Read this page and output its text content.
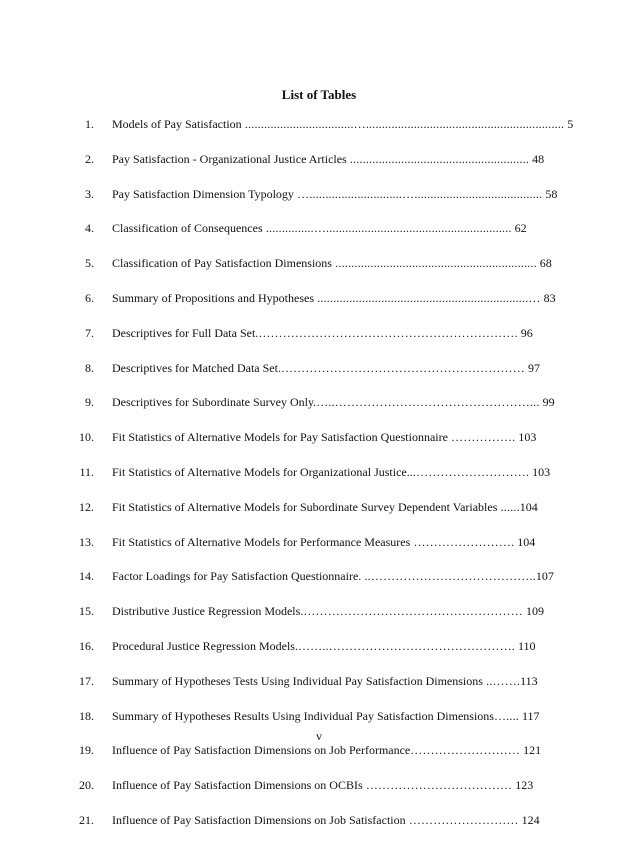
List of Tables
1. Models of Pay Satisfaction ..................................….............................................................. 5
2. Pay Satisfaction - Organizational Justice Articles ........................................................ 48
3. Pay Satisfaction Dimension Typology ….............................…........................................ 58
4. Classification of Consequences ...............….......................................................... 62
5. Classification of Pay Satisfaction Dimensions ............................................................... 68
6. Summary of Propositions and Hypotheses ..................................................................… 83
7. Descriptives for Full Data Set.………………………………………………………. 96
8. Descriptives for Matched Data Set.…………………………………………………… 97
9. Descriptives for Subordinate Survey Only.…..…………………………………………... 99
10. Fit Statistics of Alternative Models for Pay Satisfaction Questionnaire ……………. 103
11. Fit Statistics of Alternative Models for Organizational Justice...………………………. 103
12. Fit Statistics of Alternative Models for Subordinate Survey Dependent Variables ......104
13. Fit Statistics of Alternative Models for Performance Measures ……………………. 104
14. Factor Loadings for Pay Satisfaction Questionnaire. ..…………………………………..107
15. Distributive Justice Regression Models.……………………………………………… 109
16. Procedural Justice Regression Models.……..………………………………………. 110
17. Summary of Hypotheses Tests Using Individual Pay Satisfaction Dimensions ..…….113
18. Summary of Hypotheses Results Using Individual Pay Satisfaction Dimensions….... 117
19. Influence of Pay Satisfaction Dimensions on Job Performance……………………… 121
20. Influence of Pay Satisfaction Dimensions on OCBIs ……………………………… 123
21. Influence of Pay Satisfaction Dimensions on Job Satisfaction ……………………… 124
v
